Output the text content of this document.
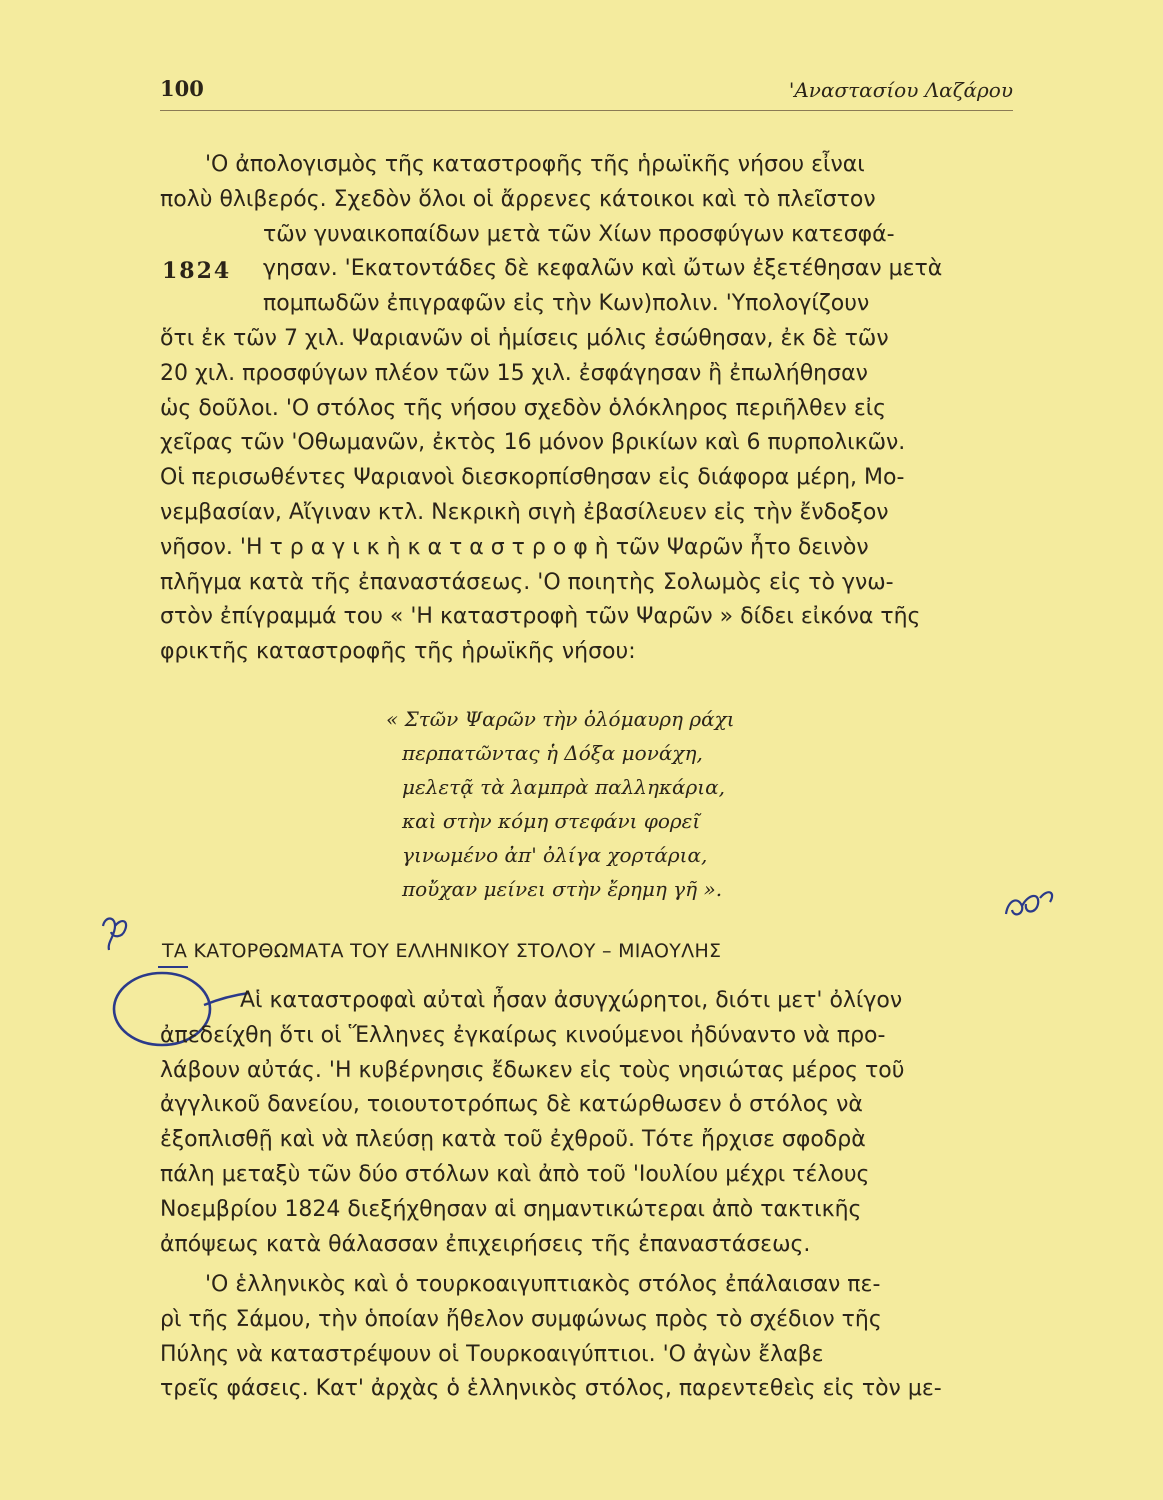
100	'Αναστασίου Λαζάρου
1824
'Ο ἀπολογισμὸς τῆς καταστροφῆς τῆς ἡρωϊκῆς νήσου εἶναι
πολὺ θλιβερός. Σχεδὸν ὅλοι οἱ ἄρρενες κάτοικοι καὶ τὸ πλεῖστον
τῶν γυναικοπαίδων μετὰ τῶν Χίων προσφύγων κατεσφά-
γησαν. 'Εκατοντάδες δὲ κεφαλῶν καὶ ὤτων ἐξετέθησαν μετὰ
πομπωδῶν ἐπιγραφῶν εἰς τὴν Κων)πολιν. 'Υπολογίζουν
ὅτι ἐκ τῶν 7 χιλ. Ψαριανῶν οἱ ἡμίσεις μόλις ἐσώθησαν, ἐκ δὲ τῶν
20 χιλ. προσφύγων πλέον τῶν 15 χιλ. ἐσφάγησαν ἢ ἐπωλήθησαν
ὡς δοῦλοι. 'Ο στόλος τῆς νήσου σχεδὸν ὁλόκληρος περιῆλθεν εἰς
χεῖρας τῶν 'Οθωμανῶν, ἐκτὸς 16 μόνον βρικίων καὶ 6 πυρπολικῶν.
Οἱ περισωθέντες Ψαριανοὶ διεσκορπίσθησαν εἰς διάφορα μέρη, Μο-
νεμβασίαν, Αἴγιναν κτλ. Νεκρικὴ σιγὴ ἐβασίλευεν εἰς τὴν ἔνδοξον
νῆσον. 'Η τ ρ α γ ι κ ὴ κ α τ α σ τ ρ ο φ ὴ τῶν Ψαρῶν ἦτο δεινὸν
πλῆγμα κατὰ τῆς ἐπαναστάσεως. 'Ο ποιητὴς Σολωμὸς εἰς τὸ γνω-
στὸν ἐπίγραμμά του « 'Η καταστροφὴ τῶν Ψαρῶν » δίδει εἰκόνα τῆς
φρικτῆς καταστροφῆς τῆς ἡρωϊκῆς νήσου:
« Στῶν Ψαρῶν τὴν ὁλόμαυρη ράχι
περπατῶντας ἡ Δόξα μονάχη,
μελετᾷ τὰ λαμπρὰ παλληκάρια,
καὶ στὴν κόμη στεφάνι φορεῖ
γινωμένο ἀπ' ὀλίγα χορτάρια,
ποὔχαν μείνει στὴν ἔρημη γῆ ».
ΤΑ ΚΑΤΟΡΘΩΜΑΤΑ ΤΟΥ ΕΛΛΗΝΙΚΟΥ ΣΤΟΛΟΥ – ΜΙΑΟΥΛΗΣ
Αἱ καταστροφαὶ αὐταὶ ἦσαν ἀσυγχώρητοι, διότι μετ' ὀλίγον
ἀπεδείχθη ὅτι οἱ Ἕλληνες ἐγκαίρως κινούμενοι ἠδύναντο νὰ προ-
λάβουν αὐτάς. 'Η κυβέρνησις ἔδωκεν εἰς τοὺς νησιώτας μέρος τοῦ
ἀγγλικοῦ δανείου, τοιουτοτρόπως δὲ κατώρθωσεν ὁ στόλος νὰ
ἐξοπλισθῇ καὶ νὰ πλεύσῃ κατὰ τοῦ ἐχθροῦ. Τότε ἤρχισε σφοδρὰ
πάλη μεταξὺ τῶν δύο στόλων καὶ ἀπὸ τοῦ 'Ιουλίου μέχρι τέλους
Νοεμβρίου 1824 διεξήχθησαν αἱ σημαντικώτεραι ἀπὸ τακτικῆς
ἀπόψεως κατὰ θάλασσαν ἐπιχειρήσεις τῆς ἐπαναστάσεως.
'Ο ἑλληνικὸς καὶ ὁ τουρκοαιγυπτιακὸς στόλος ἐπάλαισαν πε-
ρὶ τῆς Σάμου, τὴν ὁποίαν ἤθελον συμφώνως πρὸς τὸ σχέδιον τῆς
Πύλης νὰ καταστρέψουν οἱ Τουρκοαιγύπτιοι. 'Ο ἀγὼν ἔλαβε
τρεῖς φάσεις. Κατ' ἀρχὰς ὁ ἑλληνικὸς στόλος, παρεντεθεὶς εἰς τὸν με-
